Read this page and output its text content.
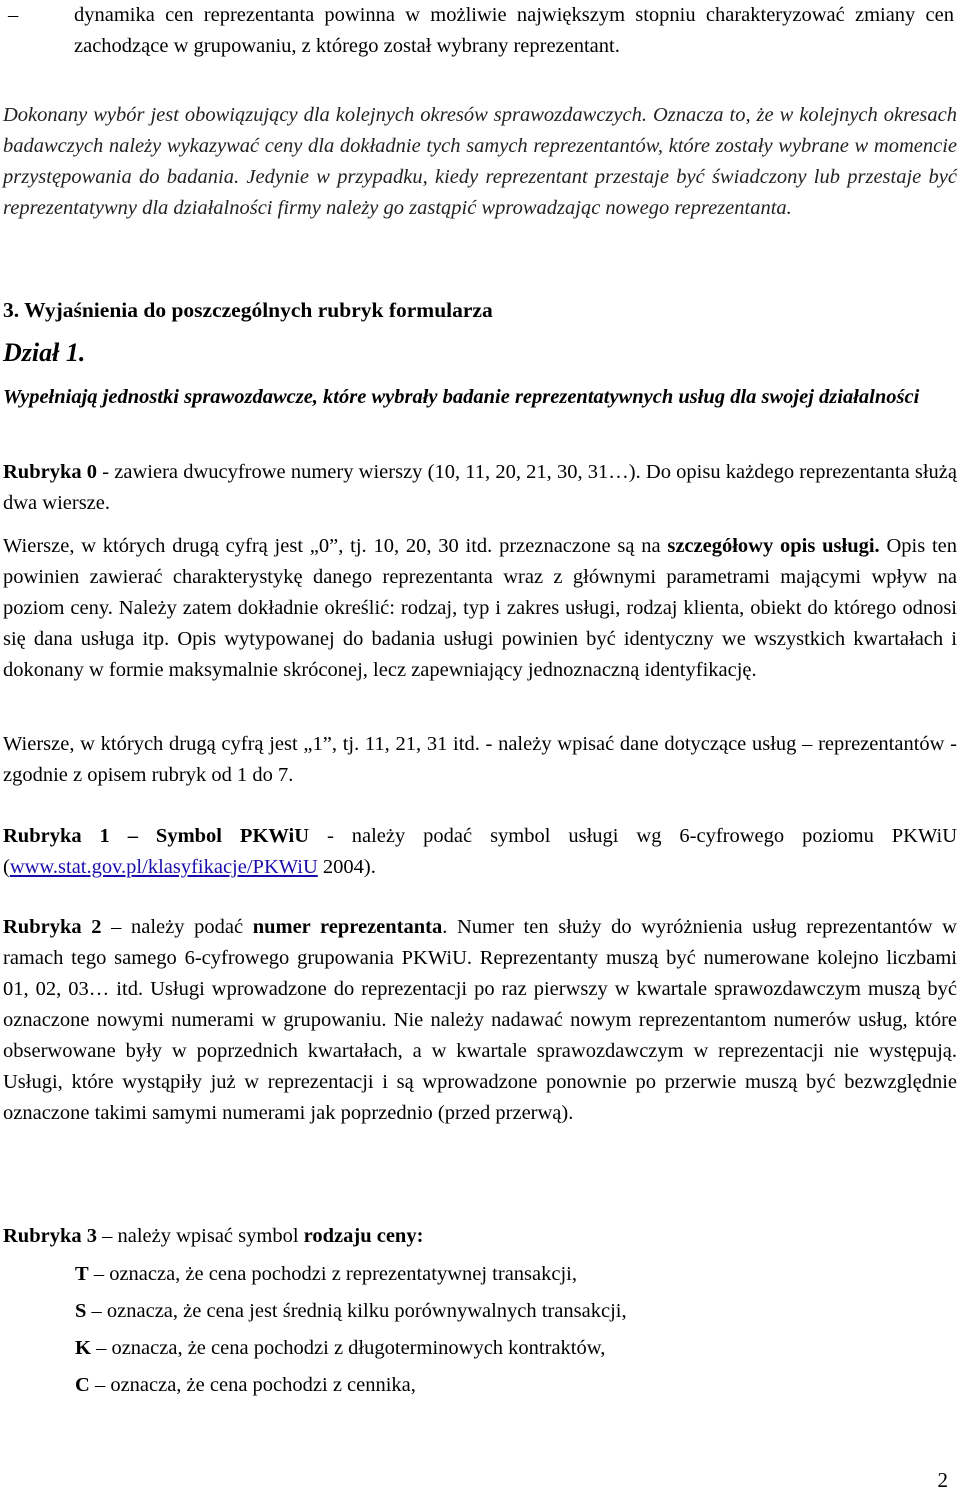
–	dynamika cen reprezentanta powinna w możliwie największym stopniu charakteryzować zmiany cen zachodzące w grupowaniu, z którego został wybrany reprezentant.

Dokonany wybór jest obowiązujący dla kolejnych okresów sprawozdawczych. Oznacza to, że w kolejnych okresach badawczych należy wykazywać ceny dla dokładnie tych samych reprezentantów, które zostały wybrane w momencie przystępowania do badania. Jedynie w przypadku, kiedy reprezentant przestaje być świadczony lub przestaje być reprezentatywny dla działalności firmy należy go zastąpić wprowadzając nowego reprezentanta.

3. Wyjaśnienia do poszczególnych rubryk formularza
Dział 1.

Wypełniają jednostki sprawozdawcze, które wybrały badanie reprezentatywnych usług dla swojej działalności

Rubryka 0 - zawiera dwucyfrowe numery wierszy (10, 11, 20, 21, 30, 31…). Do opisu każdego reprezentanta służą dwa wiersze.

Wiersze, w których drugą cyfrą jest „0”, tj. 10, 20, 30 itd. przeznaczone są na szczegółowy opis usługi. Opis ten powinien zawierać charakterystykę danego reprezentanta wraz z głównymi parametrami mającymi wpływ na poziom ceny. Należy zatem dokładnie określić: rodzaj, typ i zakres usługi, rodzaj klienta, obiekt do którego odnosi się dana usługa itp. Opis wytypowanej do badania usługi powinien być identyczny we wszystkich kwartałach i dokonany w formie maksymalnie skróconej, lecz zapewniający jednoznaczną identyfikację.

Wiersze, w których drugą cyfrą jest „1”, tj. 11, 21, 31 itd. - należy wpisać dane dotyczące usług – reprezentantów - zgodnie z opisem rubryk od 1 do 7.

Rubryka 1 – Symbol PKWiU - należy podać symbol usługi wg 6-cyfrowego poziomu PKWiU (www.stat.gov.pl/klasyfikacje/PKWiU 2004).

Rubryka 2 – należy podać numer reprezentanta. Numer ten służy do wyróżnienia usług reprezentantów w ramach tego samego 6-cyfrowego grupowania PKWiU. Reprezentanty muszą być numerowane kolejno liczbami 01, 02, 03… itd. Usługi wprowadzone do reprezentacji po raz pierwszy w kwartale sprawozdawczym muszą być oznaczone nowymi numerami w grupowaniu. Nie należy nadawać nowym reprezentantom numerów usług, które obserwowane były w poprzednich kwartałach, a w kwartale sprawozdawczym w reprezentacji nie występują. Usługi, które wystąpiły już w reprezentacji i są wprowadzone ponownie po przerwie muszą być bezwzględnie oznaczone takimi samymi numerami jak poprzednio (przed przerwą).

Rubryka 3 – należy wpisać symbol rodzaju ceny:

T – oznacza, że cena pochodzi z reprezentatywnej transakcji,

S – oznacza, że cena jest średnią kilku porównywalnych transakcji,

K – oznacza, że cena pochodzi z długoterminowych kontraktów,

C – oznacza, że cena pochodzi z cennika,

2
